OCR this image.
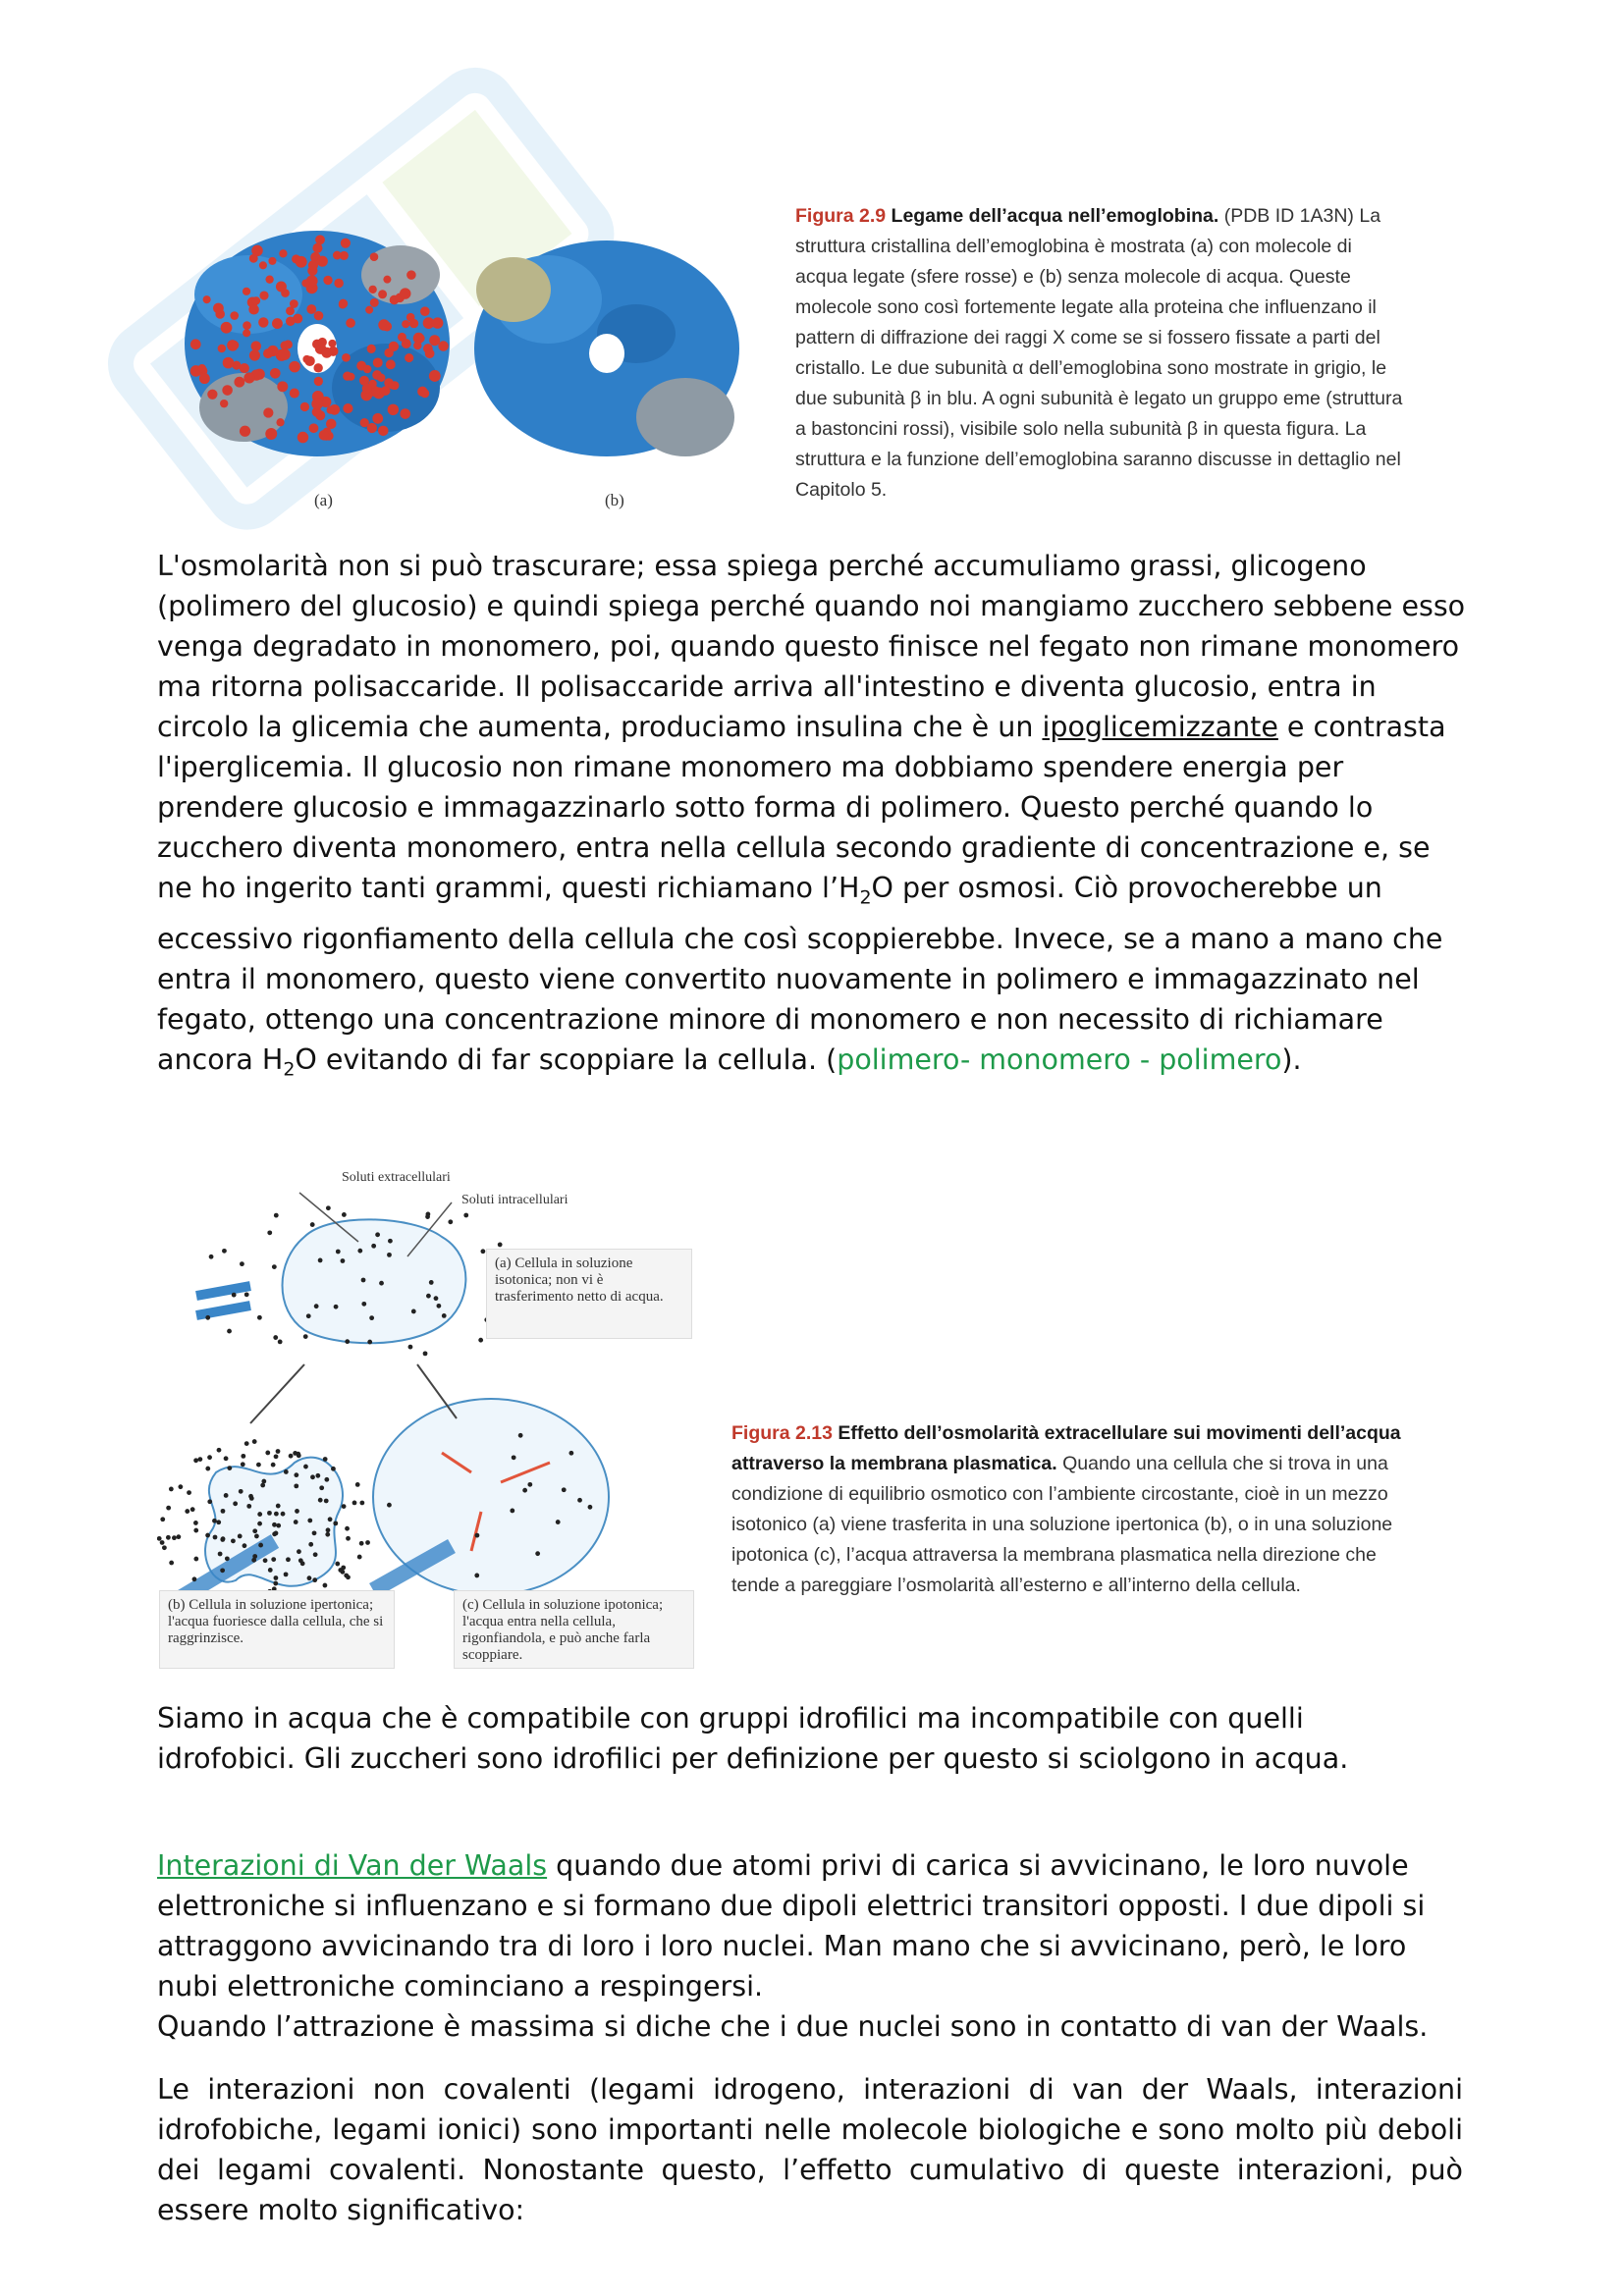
(a)	(b)
Figura 2.9 Legame dell’acqua nell’emoglobina. (PDB ID 1A3N) La struttura cristallina dell’emoglobina è mostrata (a) con molecole di acqua legate (sfere rosse) e (b) senza molecole di acqua. Queste molecole sono così fortemente legate alla proteina che influenzano il pattern di diffrazione dei raggi X come se si fossero fissate a parti del cristallo. Le due subunità α dell’emoglobina sono mostrate in grigio, le due subunità β in blu. A ogni subunità è legato un gruppo eme (struttura a bastoncini rossi), visibile solo nella subunità β in questa figura. La struttura e la funzione dell’emoglobina saranno discusse in dettaglio nel Capitolo 5.

L'osmolarità non si può trascurare; essa spiega perché accumuliamo grassi, glicogeno (polimero del glucosio) e quindi spiega perché quando noi mangiamo zucchero sebbene esso venga degradato in monomero, poi, quando questo finisce nel fegato non rimane monomero ma ritorna polisaccaride. Il polisaccaride arriva all'intestino e diventa glucosio, entra in circolo la glicemia che aumenta, produciamo insulina che è un ipoglicemizzante e contrasta l'iperglicemia. Il glucosio non rimane monomero ma dobbiamo spendere energia per prendere glucosio e immagazzinarlo sotto forma di polimero. Questo perché quando lo zucchero diventa monomero, entra nella cellula secondo gradiente di concentrazione e, se ne ho ingerito tanti grammi, questi richiamano $l’H_2O$ per osmosi. Ciò provocherebbe un eccessivo rigonfiamento della cellula che così scoppierebbe. Invece, se a mano a mano che entra il monomero, questo viene convertito nuovamente in polimero e immagazzinato nel fegato, ottengo una concentrazione minore di monomero e non necessito di richiamare ancora $H_2O$ evitando di far scoppiare la cellula. (polimero- monomero - polimero).

Soluti extracellulari
Soluti intracellulari
(a) Cellula in soluzione isotonica; non vi è trasferimento netto di acqua.
(b) Cellula in soluzione ipertonica; l'acqua fuoriesce dalla cellula, che si raggrinzisce.
(c) Cellula in soluzione ipotonica; l'acqua entra nella cellula, rigonfiandola, e può anche farla scoppiare.
Figura 2.13 Effetto dell’osmolarità extracellulare sui movimenti dell’acqua attraverso la membrana plasmatica. Quando una cellula che si trova in una condizione di equilibrio osmotico con l’ambiente circostante, cioè in un mezzo isotonico (a) viene trasferita in una soluzione ipertonica (b), o in una soluzione ipotonica (c), l’acqua attraversa la membrana plasmatica nella direzione che tende a pareggiare l’osmolarità all’esterno e all’interno della cellula.

Siamo in acqua che è compatibile con gruppi idrofilici ma incompatibile con quelli idrofobici. Gli zuccheri sono idrofilici per definizione per questo si sciolgono in acqua.

Interazioni di Van der Waals quando due atomi privi di carica si avvicinano, le loro nuvole elettroniche si influenzano e si formano due dipoli elettrici transitori opposti. I due dipoli si attraggono avvicinando tra di loro i loro nuclei. Man mano che si avvicinano, però, le loro nubi elettroniche cominciano a respingersi.

Quando l’attrazione è massima si diche che i due nuclei sono in contatto di van der Waals.

Le interazioni non covalenti (legami idrogeno, interazioni di van der Waals, interazioni idrofobiche, legami ionici) sono importanti nelle molecole biologiche e sono molto più deboli dei legami covalenti. Nonostante questo, l’effetto cumulativo di queste interazioni, può essere molto significativo:
